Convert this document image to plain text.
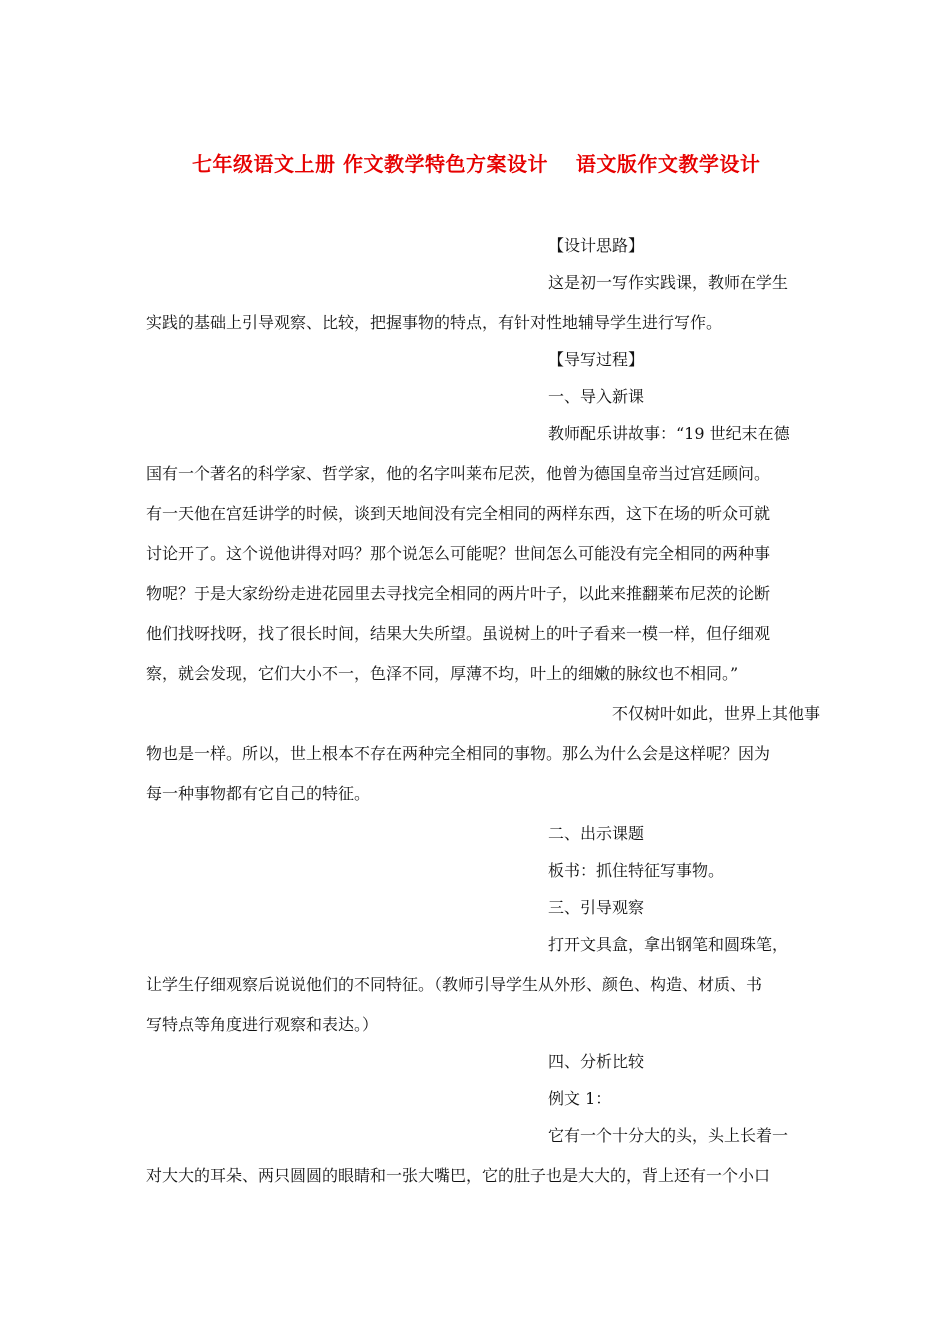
七年级语文上册 作文教学特色方案设计　 语文版作文教学设计
【设计思路】
这是初一写作实践课，教师在学生
实践的基础上引导观察、比较，把握事物的特点，有针对性地辅导学生进行写作。
【导写过程】
一、导入新课
教师配乐讲故事：“19 世纪末在德
国有一个著名的科学家、哲学家，他的名字叫莱布尼茨，他曾为德国皇帝当过宫廷顾问。
有一天他在宫廷讲学的时候，谈到天地间没有完全相同的两样东西，这下在场的听众可就
讨论开了。这个说他讲得对吗？那个说怎么可能呢？世间怎么可能没有完全相同的两种事
物呢？于是大家纷纷走进花园里去寻找完全相同的两片叶子，以此来推翻莱布尼茨的论断
他们找呀找呀，找了很长时间，结果大失所望。虽说树上的叶子看来一模一样，但仔细观
察，就会发现，它们大小不一，色泽不同，厚薄不均，叶上的细嫩的脉纹也不相同。”
不仅树叶如此，世界上其他事
物也是一样。所以，世上根本不存在两种完全相同的事物。那么为什么会是这样呢？因为
每一种事物都有它自己的特征。
二、出示课题
板书：抓住特征写事物。
三、引导观察
打开文具盒，拿出钢笔和圆珠笔，
让学生仔细观察后说说他们的不同特征。（教师引导学生从外形、颜色、构造、材质、书
写特点等角度进行观察和表达。）
四、分析比较
例文 1：
它有一个十分大的头，头上长着一
对大大的耳朵、两只圆圆的眼睛和一张大嘴巴，它的肚子也是大大的，背上还有一个小口
